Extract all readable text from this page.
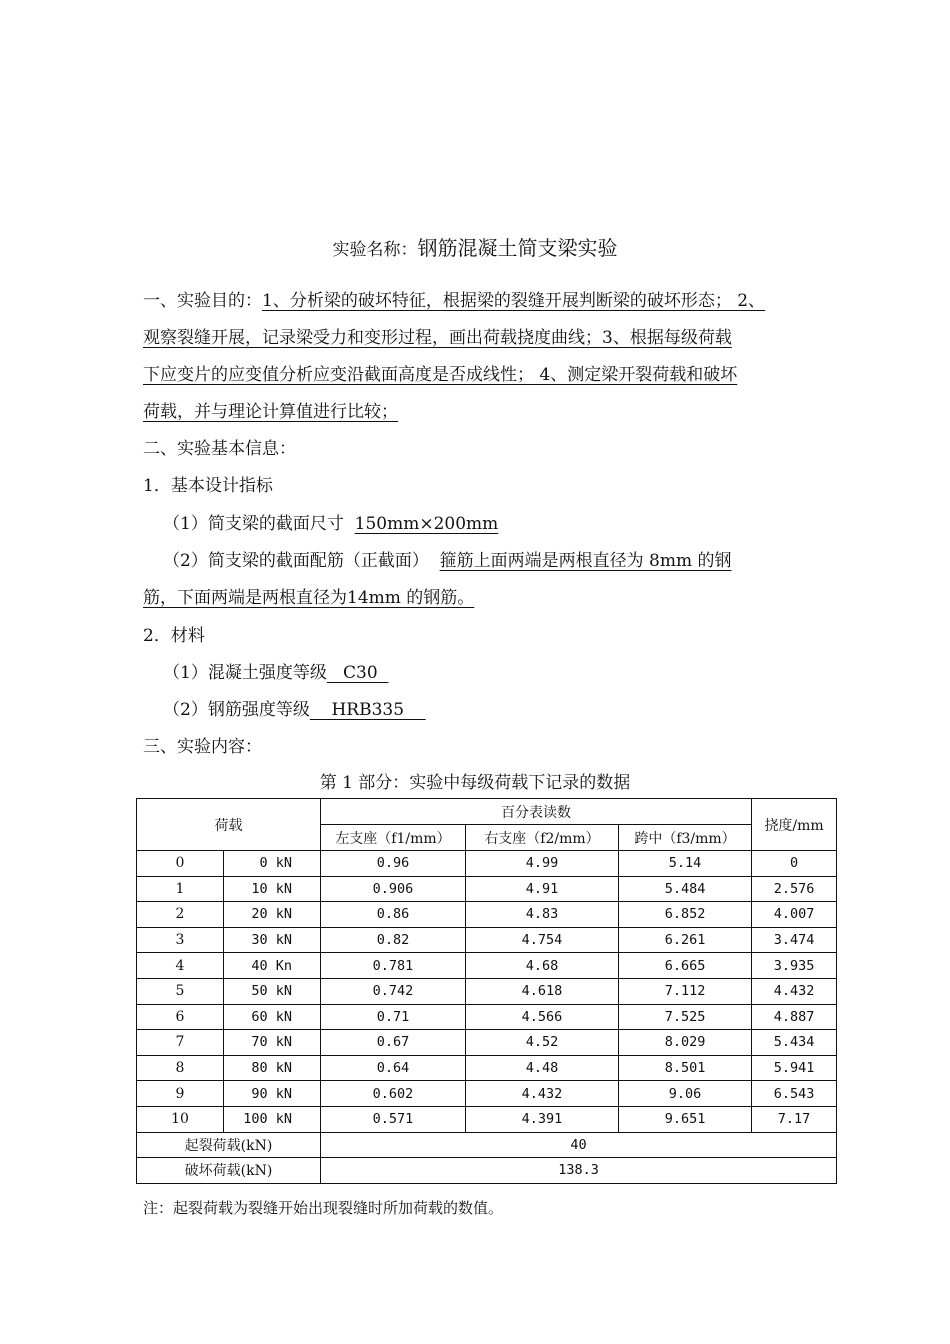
实验名称：钢筋混凝土简支梁实验
一、实验目的：1、分析梁的破坏特征，根据梁的裂缝开展判断梁的破坏形态； 2、
观察裂缝开展，记录梁受力和变形过程，画出荷载挠度曲线；3、根据每级荷载
下应变片的应变值分析应变沿截面高度是否成线性； 4、测定梁开裂荷载和破坏
荷载，并与理论计算值进行比较；
二、实验基本信息：
1．基本设计指标
（1）简支梁的截面尺寸 150mm×200mm
（2）简支梁的截面配筋（正截面） 箍筋上面两端是两根直径为 8mm 的钢
筋，下面两端是两根直径为14mm 的钢筋。
2．材料
（1）混凝土强度等级 C30
（2）钢筋强度等级 HRB335
三、实验内容：
第 1 部分：实验中每级荷载下记录的数据
荷载		百分表读数			挠度/mm
		左支座（f1/mm）	右支座（f2/mm）	跨中（f3/mm）	
0	0 kN	0.96	4.99	5.14	0
1	10 kN	0.906	4.91	5.484	2.576
2	20 kN	0.86	4.83	6.852	4.007
3	30 kN	0.82	4.754	6.261	3.474
4	40 Kn	0.781	4.68	6.665	3.935
5	50 kN	0.742	4.618	7.112	4.432
6	60 kN	0.71	4.566	7.525	4.887
7	70 kN	0.67	4.52	8.029	5.434
8	80 kN	0.64	4.48	8.501	5.941
9	90 kN	0.602	4.432	9.06	6.543
10	100 kN	0.571	4.391	9.651	7.17
起裂荷载(kN)		40			
破坏荷载(kN)		138.3			
注：起裂荷载为裂缝开始出现裂缝时所加荷载的数值。
